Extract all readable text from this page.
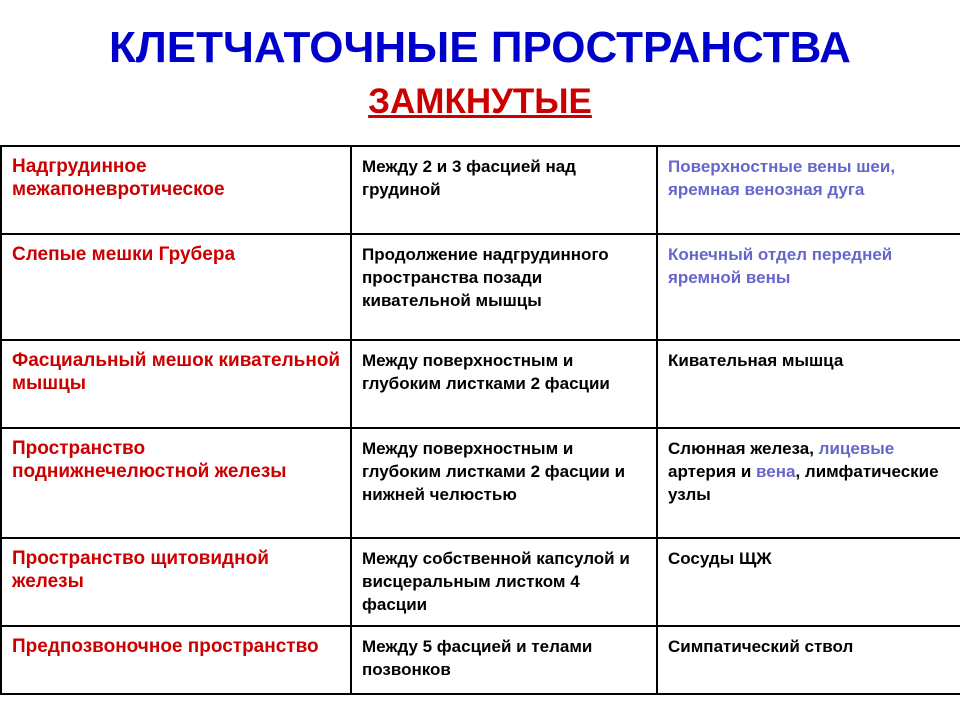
КЛЕТЧАТОЧНЫЕ ПРОСТРАНСТВА
ЗАМКНУТЫЕ
Надгрудинное межапоневротическое	Между 2 и 3 фасцией над грудиной	Поверхностные вены шеи, яремная венозная дуга
Слепые мешки Грубера	Продолжение надгрудинного пространства позади кивательной мышцы	Конечный отдел передней яремной вены
Фасциальный мешок кивательной мышцы	Между поверхностным и глубоким листками 2 фасции	Кивательная мышца
Пространство поднижнечелюстной железы	Между поверхностным и глубоким листками 2 фасции и нижней челюстью	Слюнная железа, лицевые артерия и вена, лимфатические узлы
Пространство щитовидной железы	Между собственной капсулой и висцеральным листком 4 фасции	Сосуды ЩЖ
Предпозвоночное пространство	Между 5 фасцией и телами позвонков	Симпатический ствол
